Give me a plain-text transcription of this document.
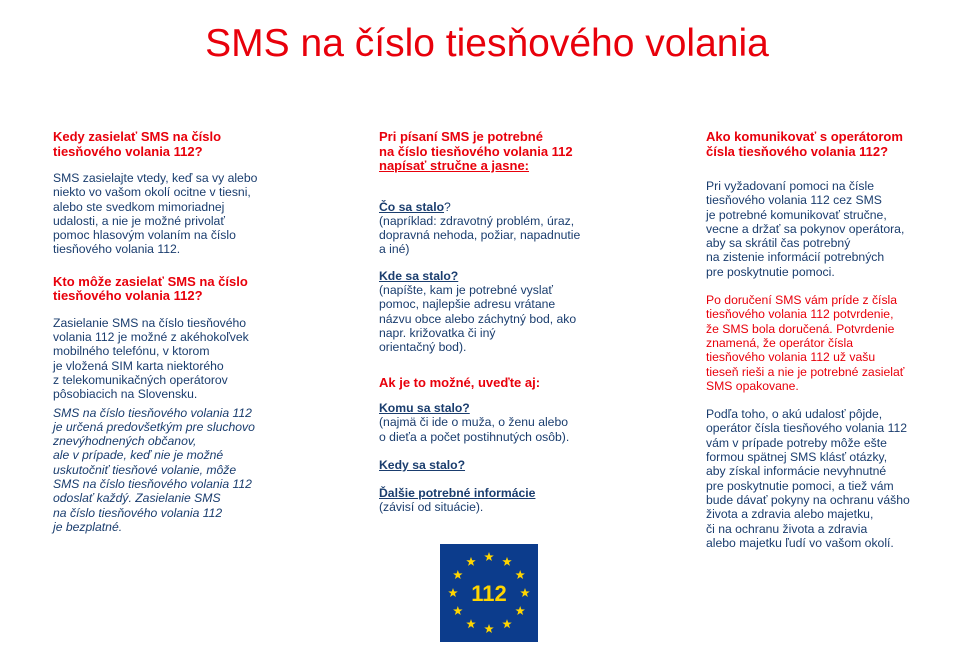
SMS na číslo tiesňového volania

Kedy zasielať SMS na číslo
tiesňového volania 112?

SMS zasielajte vtedy, keď sa vy alebo
niekto vo vašom okolí ocitne v tiesni,
alebo ste svedkom mimoriadnej
udalosti, a nie je možné privolať
pomoc hlasovým volaním na číslo
tiesňového volania 112.

Kto môže zasielať SMS na číslo
tiesňového volania 112?

Zasielanie SMS na číslo tiesňového
volania 112 je možné z akéhokoľvek
mobilného telefónu, v ktorom
je vložená SIM karta niektorého
z telekomunikačných operátorov
pôsobiacich na Slovensku.

SMS na číslo tiesňového volania 112
je určená predovšetkým pre sluchovo
znevýhodnených občanov,
ale v prípade, keď nie je možné
uskutočniť tiesňové volanie, môže
SMS na číslo tiesňového volania 112
odoslať každý. Zasielanie SMS
na číslo tiesňového volania 112
je bezplatné.

Pri písaní SMS je potrebné
na číslo tiesňového volania 112

napísať stručne a jasne:

Čo sa stalo?

(napríklad: zdravotný problém, úraz,
dopravná nehoda, požiar, napadnutie
a iné)

Kde sa stalo?

(napíšte, kam je potrebné vyslať
pomoc, najlepšie adresu vrátane
názvu obce alebo záchytný bod, ako
napr. križovatka či iný
orientačný bod).

Ak je to možné, uveďte aj:

Komu sa stalo?

(najmä či ide o muža, o ženu alebo
o dieťa a počet postihnutých osôb).

Kedy sa stalo?

Ďalšie potrebné informácie

(závisí od situácie).

Ako komunikovať s operátorom
čísla tiesňového volania 112?

Pri vyžadovaní pomoci na čísle
tiesňového volania 112 cez SMS
je potrebné komunikovať stručne,
vecne a držať sa pokynov operátora,
aby sa skrátil čas potrebný
na zistenie informácií potrebných
pre poskytnutie pomoci.

Po doručení SMS vám príde z čísla
tiesňového volania 112 potvrdenie,
že SMS bola doručená. Potvrdenie
znamená, že operátor čísla
tiesňového volania 112 už vašu
tieseň rieši a nie je potrebné zasielať
SMS opakovane.

Podľa toho, o akú udalosť pôjde,
operátor čísla tiesňového volania 112
vám v prípade potreby môže ešte
formou spätnej SMS klásť otázky,
aby získal informácie nevyhnutné
pre poskytnutie pomoci, a tiež vám
bude dávať pokyny na ochranu vášho
života a zdravia alebo majetku,
či na ochranu života a zdravia
alebo majetku ľudí vo vašom okolí.

112
